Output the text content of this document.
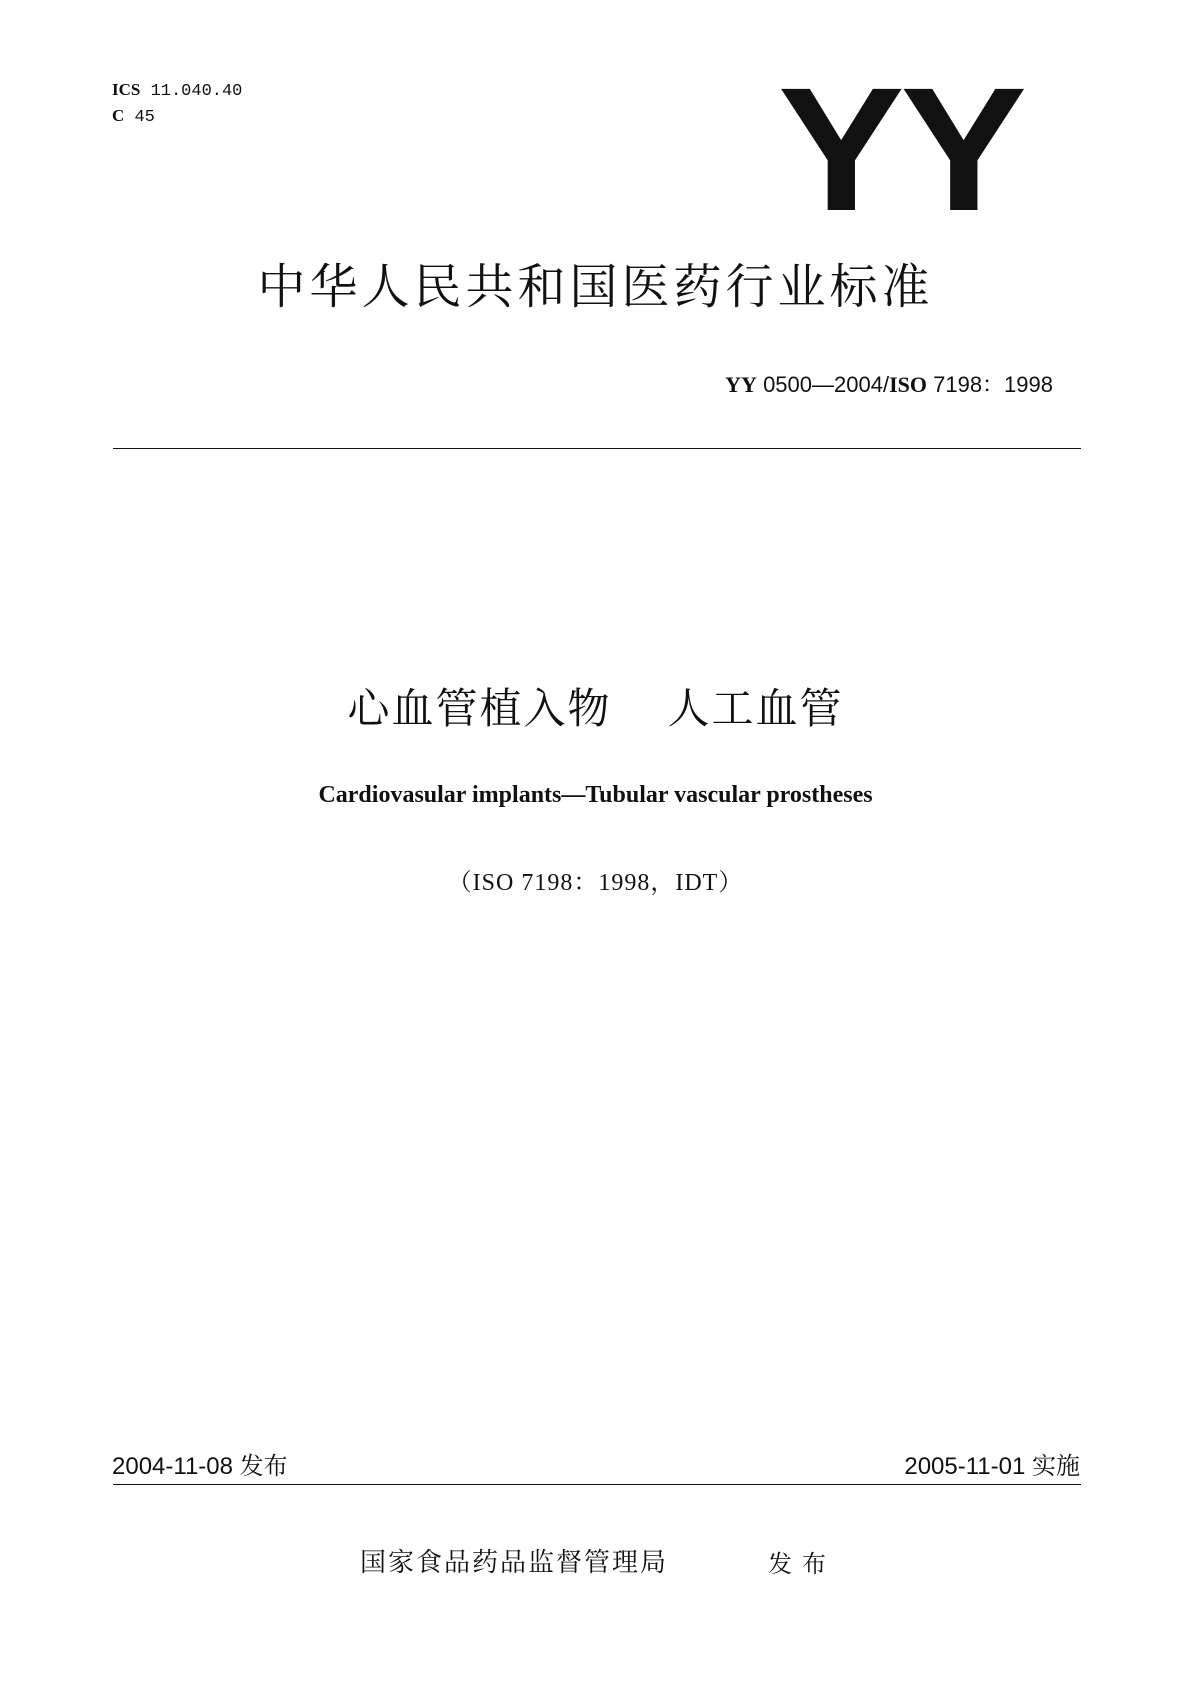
ICS 11.040.40
C 45	YY
中华人民共和国医药行业标准
YY 0500—2004/ISO 7198：1998
心血管植入物 人工血管
Cardiovasular implants—Tubular vascular prostheses
（ISO 7198：1998，IDT）
2004-11-08 发布	2005-11-01 实施
国家食品药品监督管理局	发布
